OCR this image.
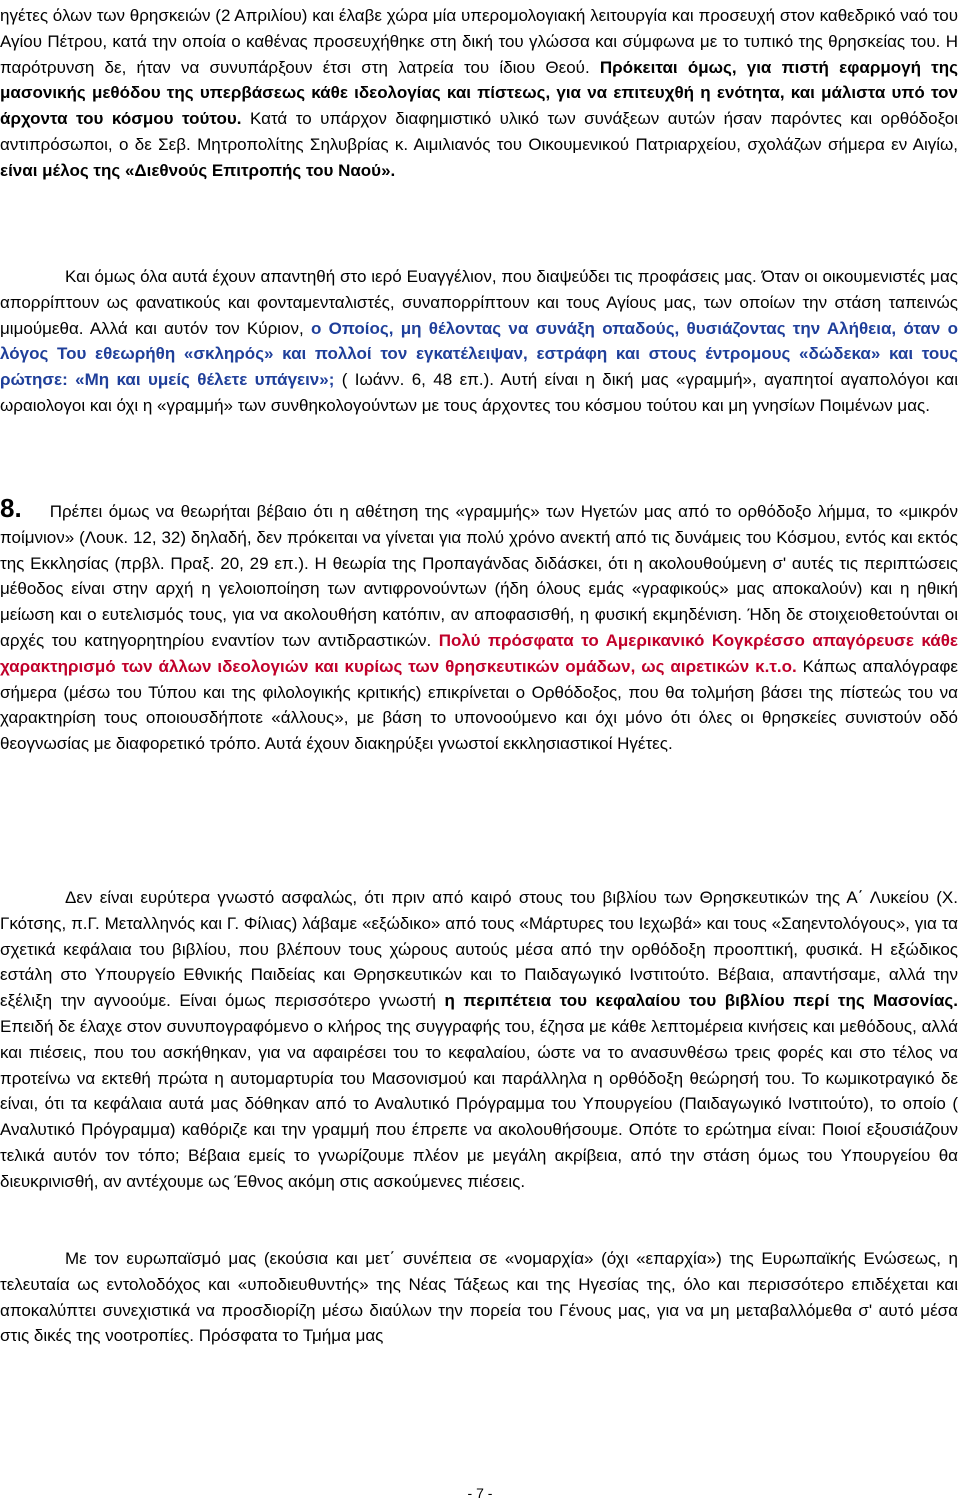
ηγέτες όλων των θρησκειών (2 Απριλίου) και έλαβε χώρα μία υπερομολογιακή λειτουργία και προσευχή στον καθεδρικό ναό του Αγίου Πέτρου, κατά την οποία ο καθένας προσευχήθηκε στη δική του γλώσσα και σύμφωνα με το τυπικό της θρησκείας του. Η παρότρυνση δε, ήταν να συνυπάρξουν έτσι στη λατρεία του ίδιου Θεού. Πρόκειται όμως, για πιστή εφαρμογή της μασονικής μεθόδου της υπερβάσεως κάθε ιδεολογίας και πίστεως, για να επιτευχθή η ενότητα, και μάλιστα υπό τον άρχοντα του κόσμου τούτου. Κατά το υπάρχον διαφημιστικό υλικό των συνάξεων αυτών ήσαν παρόντες και ορθόδοξοι αντιπρόσωποι, ο δε Σεβ. Μητροπολίτης Σηλυβρίας κ. Αιμιλιανός του Οικουμενικού Πατριαρχείου, σχολάζων σήμερα εν Αιγίω, είναι μέλος της «Διεθνούς Επιτροπής του Ναού».

Και όμως όλα αυτά έχουν απαντηθή στο ιερό Ευαγγέλιον, που διαψεύδει τις προφάσεις μας. Όταν οι οικουμενιστές μας απορρίπτουν ως φανατικούς και φονταμενταλιστές, συναπορρίπτουν και τους Αγίους μας, των οποίων την στάση ταπεινώς μιμούμεθα. Αλλά και αυτόν τον Κύριον, ο Οποίος, μη θέλοντας να συνάξη οπαδούς, θυσιάζοντας την Αλήθεια, όταν ο λόγος Του εθεωρήθη «σκληρός» και πολλοί τον εγκατέλειψαν, εστράφη και στους έντρομους «δώδεκα» και τους ρώτησε: «Μη και υμείς θέλετε υπάγειν»; ( Ιωάνν. 6, 48 επ.). Αυτή είναι η δική μας «γραμμή», αγαπητοί αγαπολόγοι και ωραιολογοι και όχι η «γραμμή» των συνθηκολογούντων με τους άρχοντες του κόσμου τούτου και μη γνησίων Ποιμένων μας.

8. Πρέπει όμως να θεωρήται βέβαιο ότι η αθέτηση της «γραμμής» των Ηγετών μας από το ορθόδοξο λήμμα, το «μικρόν ποίμνιον» (Λουκ. 12, 32) δηλαδή, δεν πρόκειται να γίνεται για πολύ χρόνο ανεκτή από τις δυνάμεις του Κόσμου, εντός και εκτός της Εκκλησίας (πρβλ. Πραξ. 20, 29 επ.). Η θεωρία της Προπαγάνδας διδάσκει, ότι η ακολουθούμενη σ' αυτές τις περιπτώσεις μέθοδος είναι στην αρχή η γελοιοποίηση των αντιφρονούντων (ήδη όλους εμάς «γραφικούς» μας αποκαλούν) και η ηθική μείωση και ο ευτελισμός τους, για να ακολουθήση κατόπιν, αν αποφασισθή, η φυσική εκμηδένιση. Ήδη δε στοιχειοθετούνται οι αρχές του κατηγορητηρίου εναντίον των αντιδραστικών. Πολύ πρόσφατα το Αμερικανικό Κογκρέσσο απαγόρευσε κάθε χαρακτηρισμό των άλλων ιδεολογιών και κυρίως των θρησκευτικών ομάδων, ως αιρετικών κ.τ.ο. Κάπως απαλόγραφε σήμερα (μέσω του Τύπου και της φιλολογικής κριτικής) επικρίνεται ο Ορθόδοξος, που θα τολμήση βάσει της πίστεώς του να χαρακτηρίση τους οποιουσδήποτε «άλλους», με βάση το υπονοούμενο και όχι μόνο ότι όλες οι θρησκείες συνιστούν οδό θεογνωσίας με διαφορετικό τρόπο. Αυτά έχουν διακηρύξει γνωστοί εκκλησιαστικοί Ηγέτες.

Δεν είναι ευρύτερα γνωστό ασφαλώς, ότι πριν από καιρό στους του βιβλίου των Θρησκευτικών της Α΄ Λυκείου (Χ. Γκότσης, π.Γ. Μεταλληνός και Γ. Φίλιας) λάβαμε «εξώδικο» από τους «Μάρτυρες του Ιεχωβά» και τους «Σαηεντολόγους», για τα σχετικά κεφάλαια του βιβλίου, που βλέπουν τους χώρους αυτούς μέσα από την ορθόδοξη προοπτική, φυσικά. Η εξώδικος εστάλη στο Υπουργείο Εθνικής Παιδείας και Θρησκευτικών και το Παιδαγωγικό Ινστιτούτο. Βέβαια, απαντήσαμε, αλλά την εξέλιξη την αγνοούμε. Είναι όμως περισσότερο γνωστή η περιπέτεια του κεφαλαίου του βιβλίου περί της Μασονίας. Επειδή δε έλαχε στον συνυπογραφόμενο ο κλήρος της συγγραφής του, έζησα με κάθε λεπτομέρεια κινήσεις και μεθόδους, αλλά και πιέσεις, που του ασκήθηκαν, για να αφαιρέσει του το κεφαλαίου, ώστε να το ανασυνθέσω τρεις φορές και στο τέλος να προτείνω να εκτεθή πρώτα η αυτομαρτυρία του Μασονισμού και παράλληλα η ορθόδοξη θεώρησή του. Το κωμικοτραγικό δε είναι, ότι τα κεφάλαια αυτά μας δόθηκαν από το Αναλυτικό Πρόγραμμα του Υπουργείου (Παιδαγωγικό Ινστιτούτο), το οποίο ( Αναλυτικό Πρόγραμμα) καθόριζε και την γραμμή που έπρεπε να ακολουθήσουμε. Οπότε το ερώτημα είναι: Ποιοί εξουσιάζουν τελικά αυτόν τον τόπο; Βέβαια εμείς το γνωρίζουμε πλέον με μεγάλη ακρίβεια, από την στάση όμως του Υπουργείου θα διευκρινισθή, αν αντέχουμε ως Έθνος ακόμη στις ασκούμενες πιέσεις.

Με τον ευρωπαϊσμό μας (εκούσια και μετ΄ συνέπεια σε «νομαρχία» (όχι «επαρχία») της Ευρωπαϊκής Ενώσεως, η τελευταία ως εντολοδόχος και «υποδιευθυντής» της Νέας Τάξεως και της Ηγεσίας της, όλο και περισσότερο επιδέχεται και αποκαλύπτει συνεχιστικά να προσδιορίζη μέσω διαύλων την πορεία του Γένους μας, για να μη μεταβαλλόμεθα σ' αυτό μέσα στις δικές της νοοτροπίες. Πρόσφατα το Τμήμα μας

- 7 -
